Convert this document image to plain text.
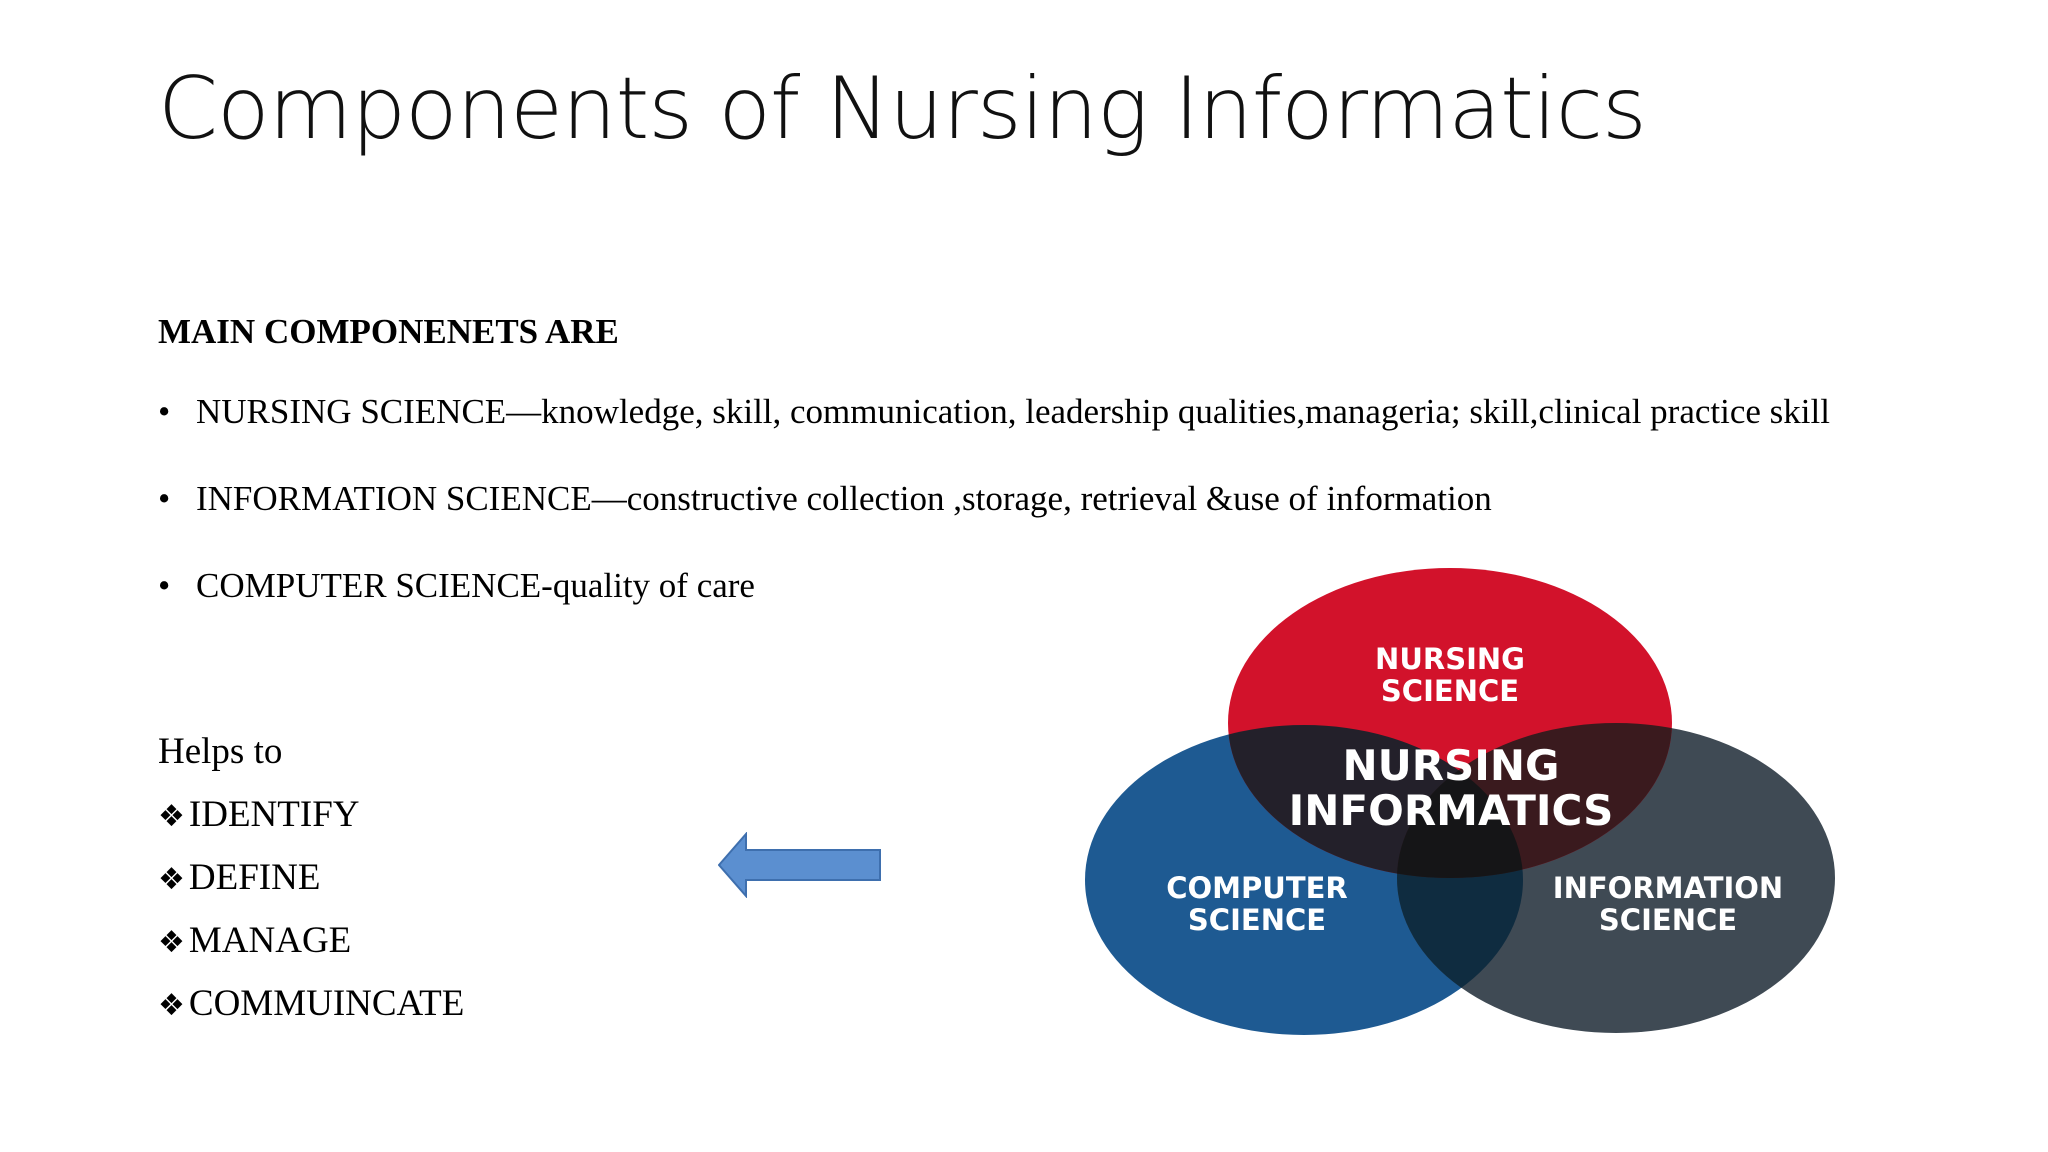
Components of Nursing Informatics
MAIN COMPONENETS ARE
• NURSING SCIENCE—knowledge, skill, communication, leadership qualities,manageria; skill,clinical practice skill
• INFORMATION SCIENCE—constructive collection ,storage, retrieval &use of information
• COMPUTER SCIENCE-quality of care
Helps to
❖ IDENTIFY
❖ DEFINE
❖ MANAGE
❖ COMMUINCATE
NURSING
SCIENCE
NURSING
INFORMATICS
COMPUTER
SCIENCE
INFORMATION
SCIENCE
